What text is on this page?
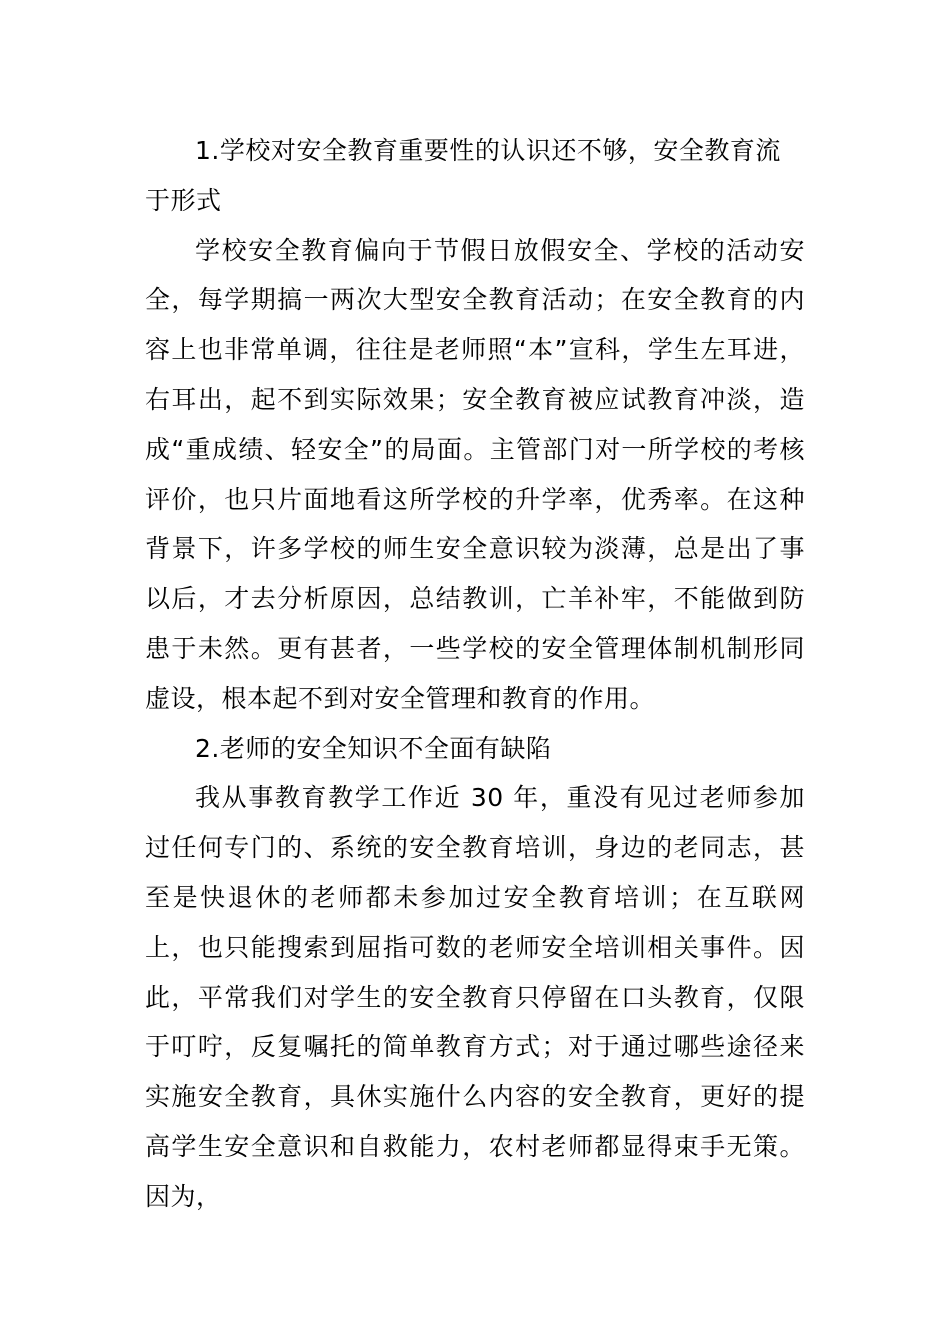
1.学校对安全教育重要性的认识还不够，安全教育流于形式

学校安全教育偏向于节假日放假安全、学校的活动安全，每学期搞一两次大型安全教育活动；在安全教育的内容上也非常单调，往往是老师照“本”宣科，学生左耳进，右耳出，起不到实际效果；安全教育被应试教育冲淡，造成“重成绩、轻安全”的局面。主管部门对一所学校的考核评价，也只片面地看这所学校的升学率，优秀率。在这种背景下，许多学校的师生安全意识较为淡薄，总是出了事以后，才去分析原因，总结教训，亡羊补牢，不能做到防患于未然。更有甚者，一些学校的安全管理体制机制形同虚设，根本起不到对安全管理和教育的作用。

2.老师的安全知识不全面有缺陷

我从事教育教学工作近 30 年，重没有见过老师参加过任何专门的、系统的安全教育培训，身边的老同志，甚至是快退休的老师都未参加过安全教育培训；在互联网上，也只能搜索到屈指可数的老师安全培训相关事件。因此，平常我们对学生的安全教育只停留在口头教育，仅限于叮咛，反复嘱托的简单教育方式；对于通过哪些途径来实施安全教育，具休实施什么内容的安全教育，更好的提高学生安全意识和自救能力，农村老师都显得束手无策。因为，
